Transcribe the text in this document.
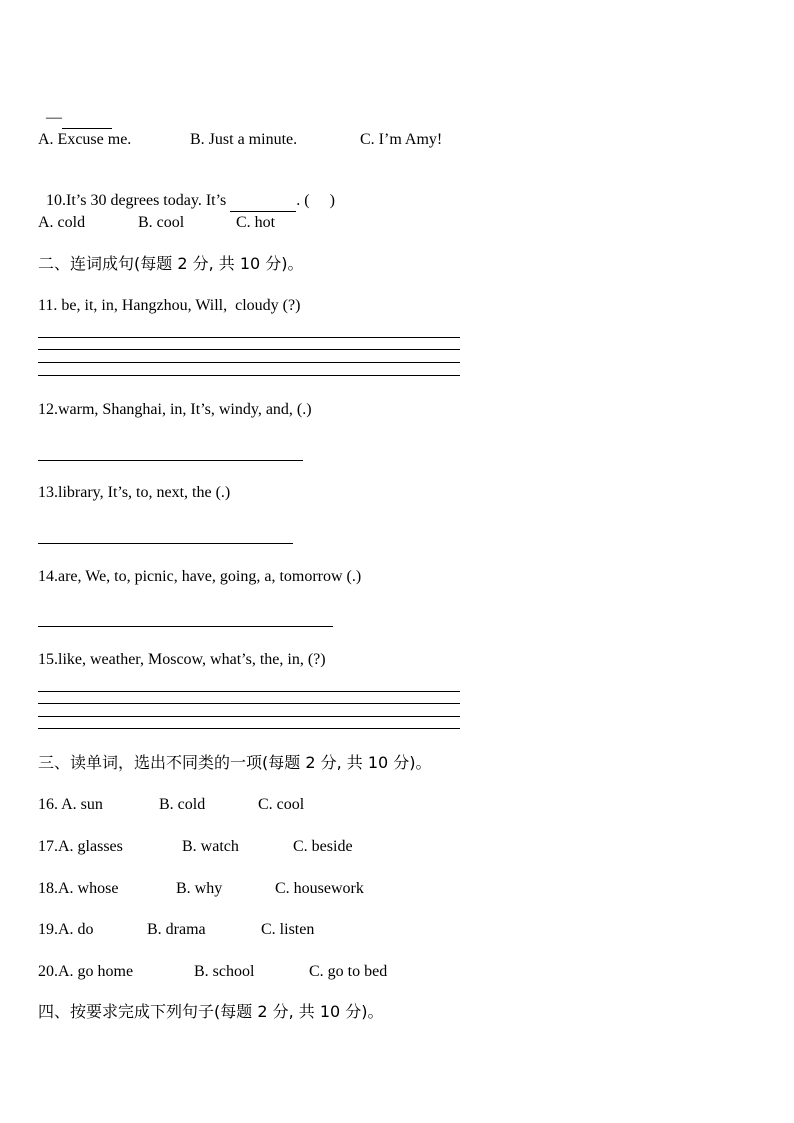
—

A. Excuse me.	B. Just a minute.	C. I’m Amy!

10.It’s 30 degrees today. It’s	. ( )

A. cold	B. cool	C. hot
二、连词成句(每题 2 分, 共 10 分)。
11. be, it, in, Hangzhou, Will,  cloudy (?)
12.warm, Shanghai, in, It’s, windy, and, (.)
13.library, It’s, to, next, the (.)
14.are, We, to, picnic, have, going, a, tomorrow (.)
15.like, weather, Moscow, what’s, the, in, (?)
三、读单词，选出不同类的一项(每题 2 分, 共 10 分)。
16. A. sun	B. cold	C. cool
17.A. glasses	B. watch	C. beside
18.A. whose	B. why	C. housework
19.A. do	B. drama	C. listen
20.A. go home	B. school	C. go to bed
四、按要求完成下列句子(每题 2 分, 共 10 分)。
